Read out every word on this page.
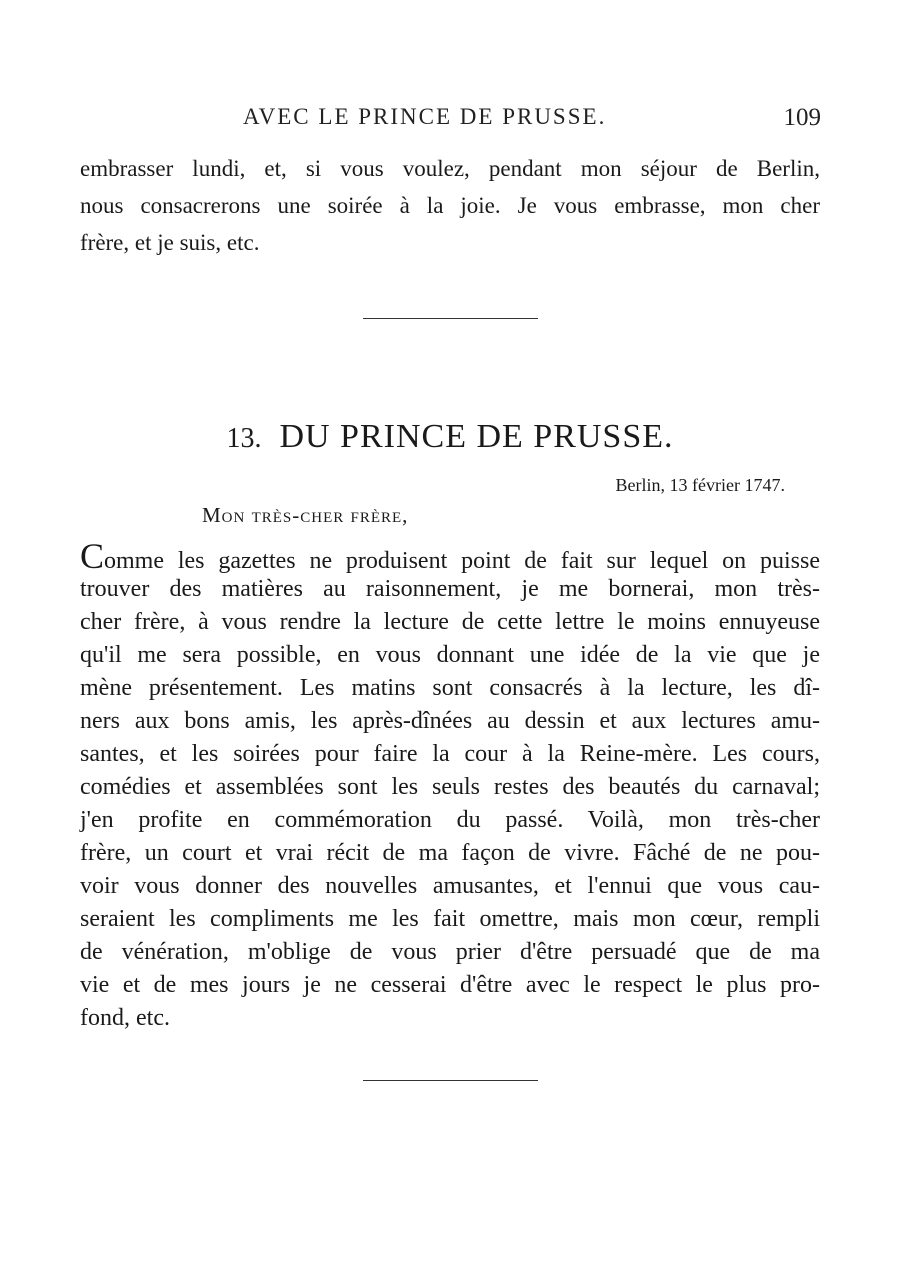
AVEC LE PRINCE DE PRUSSE.	109
embrasser lundi, et, si vous voulez, pendant mon séjour de Berlin,
nous consacrerons une soirée à la joie. Je vous embrasse, mon cher
frère, et je suis, etc.
13. DU PRINCE DE PRUSSE.
Berlin, 13 février 1747.
Mon très-cher frère,
Comme les gazettes ne produisent point de fait sur lequel on puisse
trouver des matières au raisonnement, je me bornerai, mon très-
cher frère, à vous rendre la lecture de cette lettre le moins ennuyeuse
qu'il me sera possible, en vous donnant une idée de la vie que je
mène présentement. Les matins sont consacrés à la lecture, les dî-
ners aux bons amis, les après-dînées au dessin et aux lectures amu-
santes, et les soirées pour faire la cour à la Reine-mère. Les cours,
comédies et assemblées sont les seuls restes des beautés du carnaval;
j'en profite en commémoration du passé. Voilà, mon très-cher
frère, un court et vrai récit de ma façon de vivre. Fâché de ne pou-
voir vous donner des nouvelles amusantes, et l'ennui que vous cau-
seraient les compliments me les fait omettre, mais mon cœur, rempli
de vénération, m'oblige de vous prier d'être persuadé que de ma
vie et de mes jours je ne cesserai d'être avec le respect le plus pro-
fond, etc.
